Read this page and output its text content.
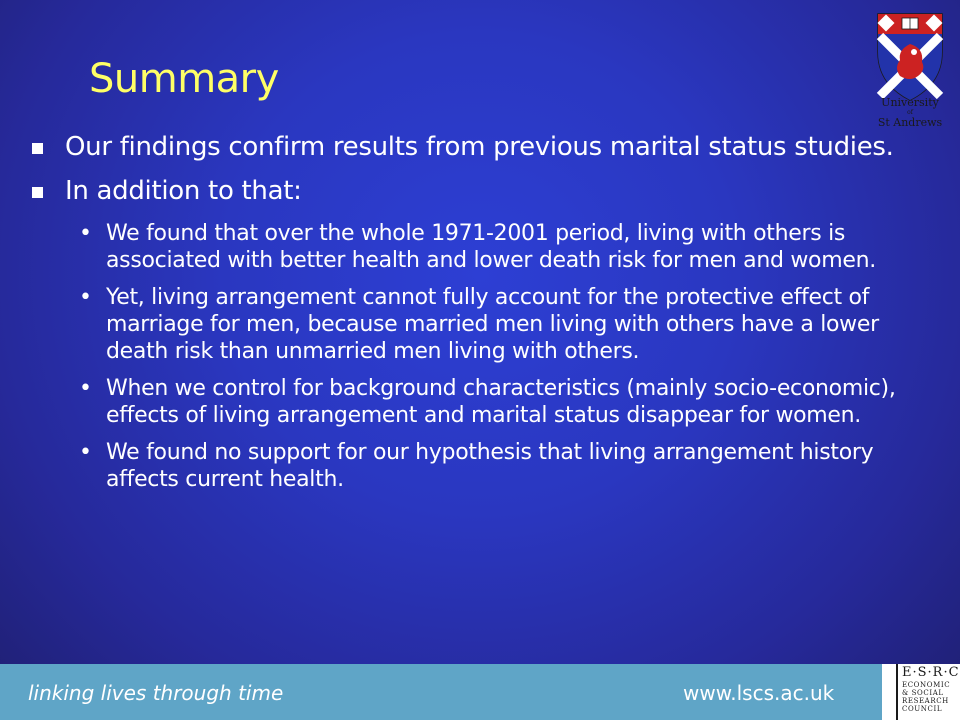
Summary
University
of
St Andrews
Our findings confirm results from previous marital status studies.
In addition to that:
• We found that over the whole 1971-2001 period, living with others is associated with better health and lower death risk for men and women.
• Yet, living arrangement cannot fully account for the protective effect of marriage for men, because married men living with others have a lower death risk than unmarried men living with others.
• When we control for background characteristics (mainly socio-economic), effects of living arrangement and marital status disappear for women.
• We found no support for our hypothesis that living arrangement history affects current health.
linking lives through time	www.lscs.ac.uk
E·S·R·C
ECONOMIC
& SOCIAL
RESEARCH
COUNCIL
